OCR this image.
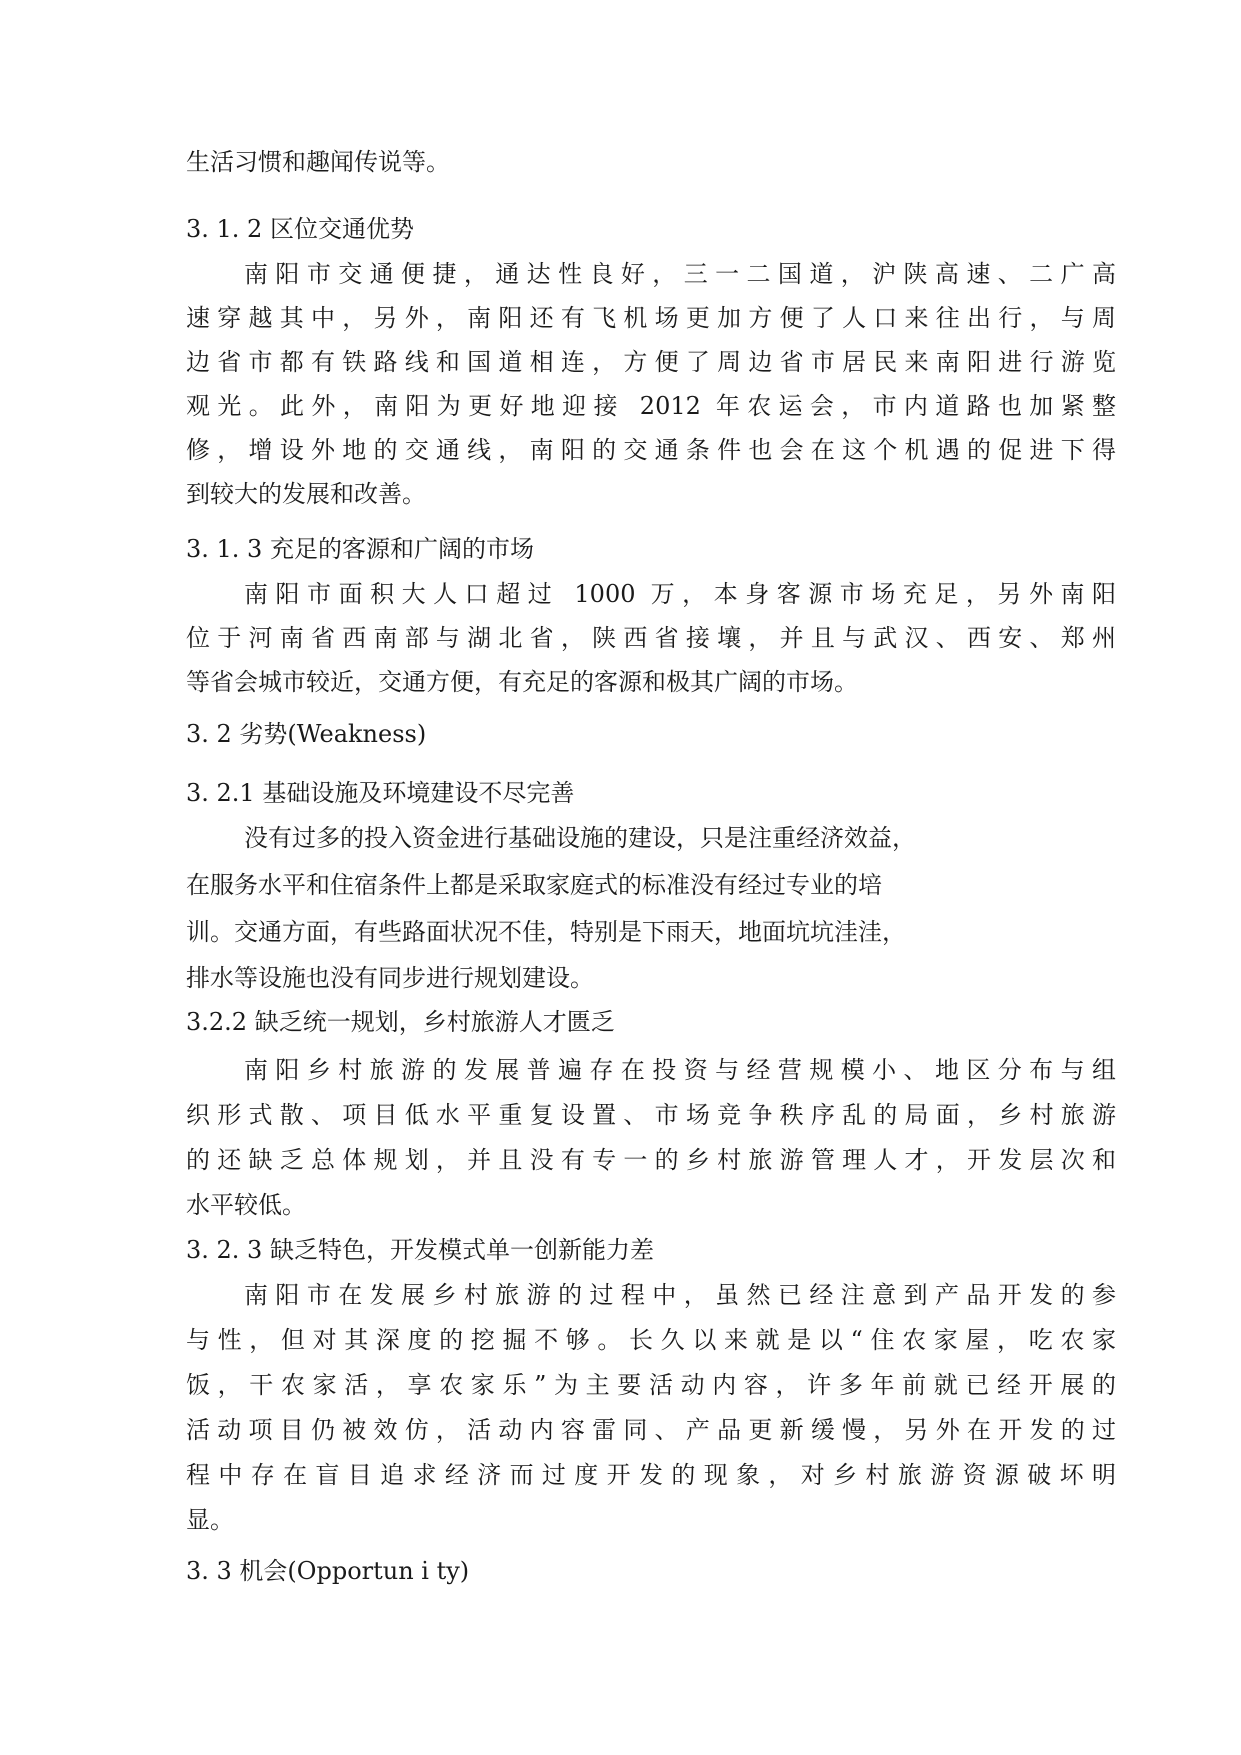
生活习惯和趣闻传说等。
3. 1. 2 区位交通优势
南阳市交通便捷，通达性良好，三一二国道，沪陕高速、二广高
速穿越其中，另外，南阳还有飞机场更加方便了人口来往出行，与周
边省市都有铁路线和国道相连，方便了周边省市居民来南阳进行游览
观光。此外，南阳为更好地迎接 2012 年农运会，市内道路也加紧整
修，增设外地的交通线，南阳的交通条件也会在这个机遇的促进下得
到较大的发展和改善。
3. 1. 3 充足的客源和广阔的市场
南阳市面积大人口超过 1000 万，本身客源市场充足，另外南阳
位于河南省西南部与湖北省，陕西省接壤，并且与武汉、西安、郑州
等省会城市较近，交通方便，有充足的客源和极其广阔的市场。
3. 2 劣势(Weakness)
3. 2.1 基础设施及环境建设不尽完善
没有过多的投入资金进行基础设施的建设，只是注重经济效益，
在服务水平和住宿条件上都是采取家庭式的标准没有经过专业的培
训。交通方面，有些路面状况不佳，特别是下雨天，地面坑坑洼洼，
排水等设施也没有同步进行规划建设。
3.2.2 缺乏统一规划，乡村旅游人才匮乏
南阳乡村旅游的发展普遍存在投资与经营规模小、地区分布与组
织形式散、项目低水平重复设置、市场竞争秩序乱的局面，乡村旅游
的还缺乏总体规划，并且没有专一的乡村旅游管理人才，开发层次和
水平较低。
3. 2. 3 缺乏特色，开发模式单一创新能力差
南阳市在发展乡村旅游的过程中，虽然已经注意到产品开发的参
与性，但对其深度的挖掘不够。长久以来就是以“住农家屋，吃农家
饭，干农家活，享农家乐”为主要活动内容，许多年前就已经开展的
活动项目仍被效仿，活动内容雷同、产品更新缓慢，另外在开发的过
程中存在盲目追求经济而过度开发的现象，对乡村旅游资源破坏明
显。
3. 3 机会(Opportun i ty)
